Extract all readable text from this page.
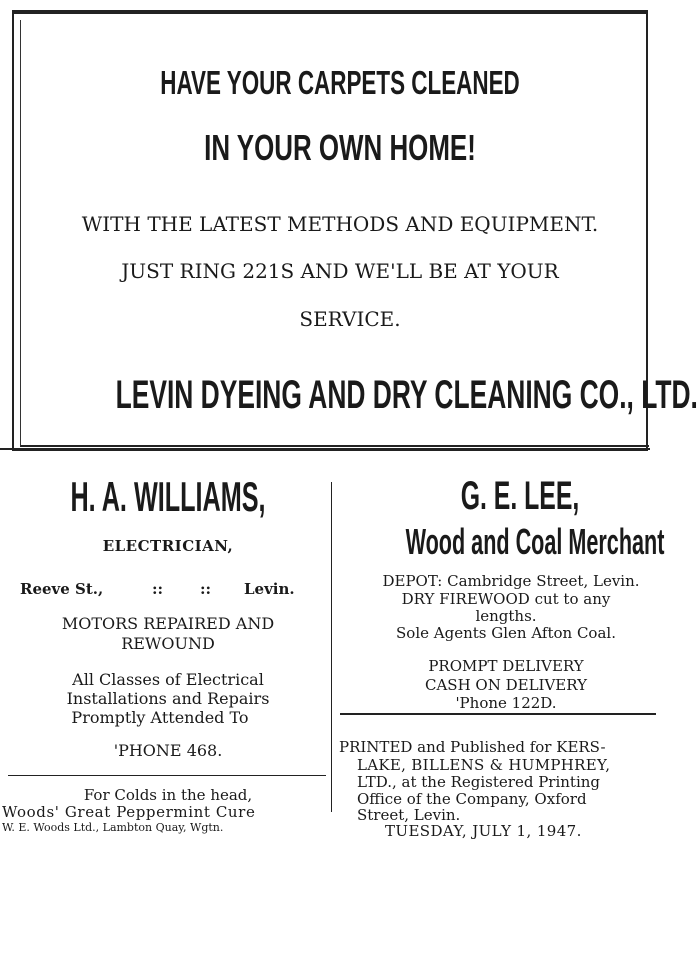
HAVE YOUR CARPETS CLEANED
IN YOUR OWN HOME!
WITH THE LATEST METHODS AND EQUIPMENT.
JUST RING 221S AND WE'LL BE AT YOUR
SERVICE.
LEVIN DYEING AND DRY CLEANING CO., LTD.
H. A. WILLIAMS,
ELECTRICIAN,
Reeve St.,	:: :: Levin.
MOTORS REPAIRED AND
REWOUND
All Classes of Electrical
Installations and Repairs
Promptly Attended To
'PHONE 468.
For Colds in the head,
Woods' Great Peppermint Cure
W. E. Woods Ltd., Lambton Quay, Wgtn.
G. E. LEE,
Wood and Coal Merchant
DEPOT: Cambridge Street, Levin.
DRY FIREWOOD cut to any
lengths.
Sole Agents Glen Afton Coal.
PROMPT DELIVERY
CASH ON DELIVERY
'Phone 122D.
PRINTED and Published for KERS-
LAKE, BILLENS & HUMPHREY,
LTD., at the Registered Printing
Office of the Company, Oxford
Street, Levin.
TUESDAY, JULY 1, 1947.
